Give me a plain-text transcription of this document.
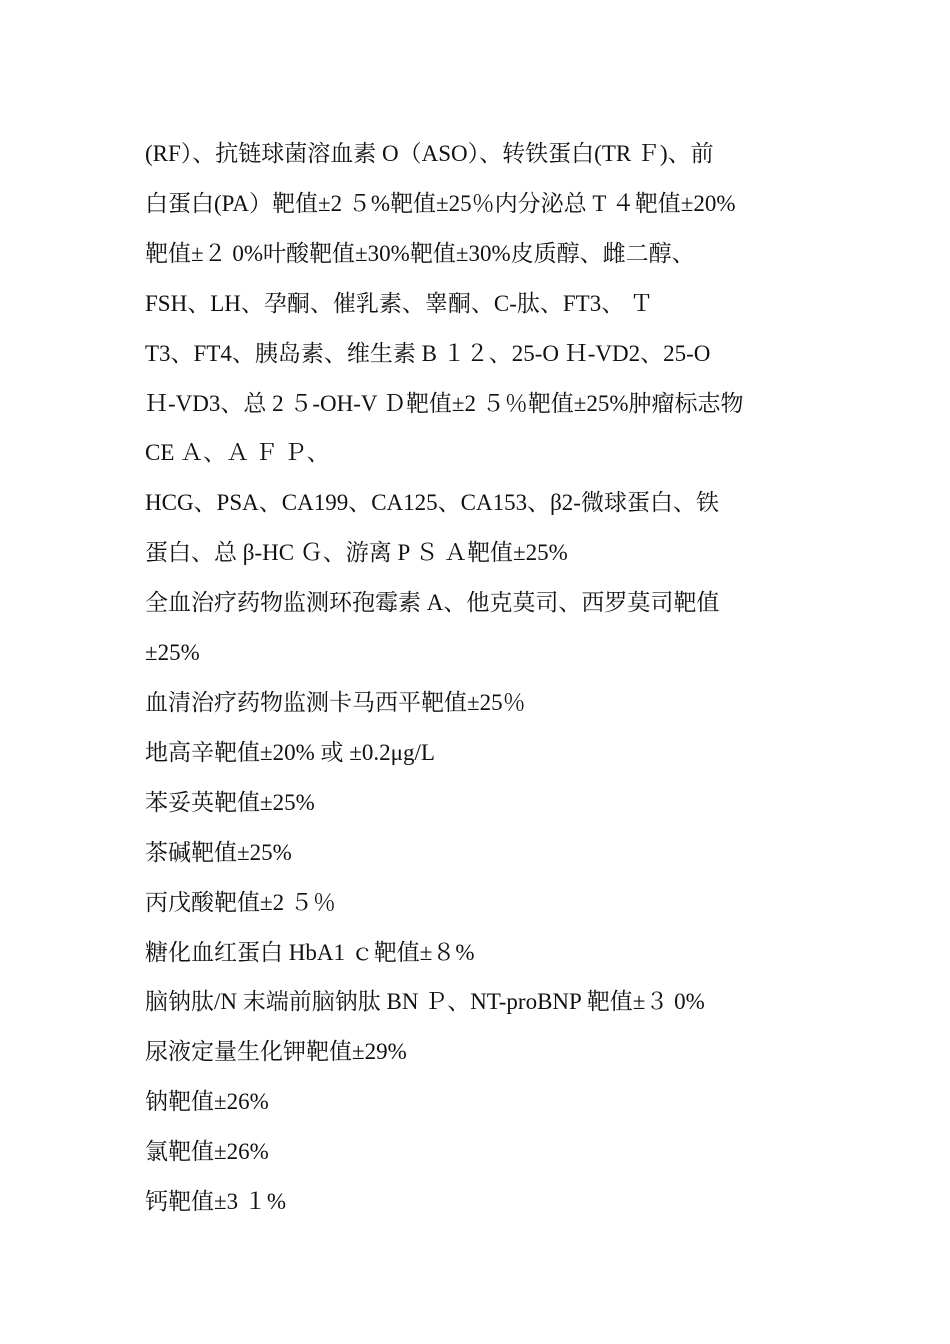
(RF）、抗链球菌溶血素 O（ASO）、转铁蛋白(TR Ｆ)、前
白蛋白(PA）靶值±2 ５%靶值±25％内分泌总 T ４靶值±20%
靶值±２ 0%叶酸靶值±30%靶值±30%皮质醇、雌二醇、
FSH、LH、孕酮、催乳素、睾酮、C-肽、FT3、 Ｔ
T3、FT4、胰岛素、维生素 B １２、25-O Ｈ-VD2、25-O
Ｈ-VD3、总 2 ５-OH-V Ｄ靶值±2 ５％靶值±25%肿瘤标志物
CE Ａ、Ａ Ｆ Ｐ、
HCG、PSA、CA199、CA125、CA153、β2-微球蛋白、铁
蛋白、总 β-HC Ｇ、游离 P Ｓ Ａ靶值±25%
全血治疗药物监测环孢霉素 A、他克莫司、西罗莫司靶值
±25%
血清治疗药物监测卡马西平靶值±25％
地高辛靶值±20% 或 ±0.2μg/L
苯妥英靶值±25%
茶碱靶值±25%
丙戊酸靶值±2 ５％
糖化血红蛋白 HbA1 ｃ靶值±８%
脑钠肽/N 末端前脑钠肽 BN Ｐ、NT-proBNP 靶值±３ 0%
尿液定量生化钾靶值±29%
钠靶值±26%
氯靶值±26%
钙靶值±3 １%
